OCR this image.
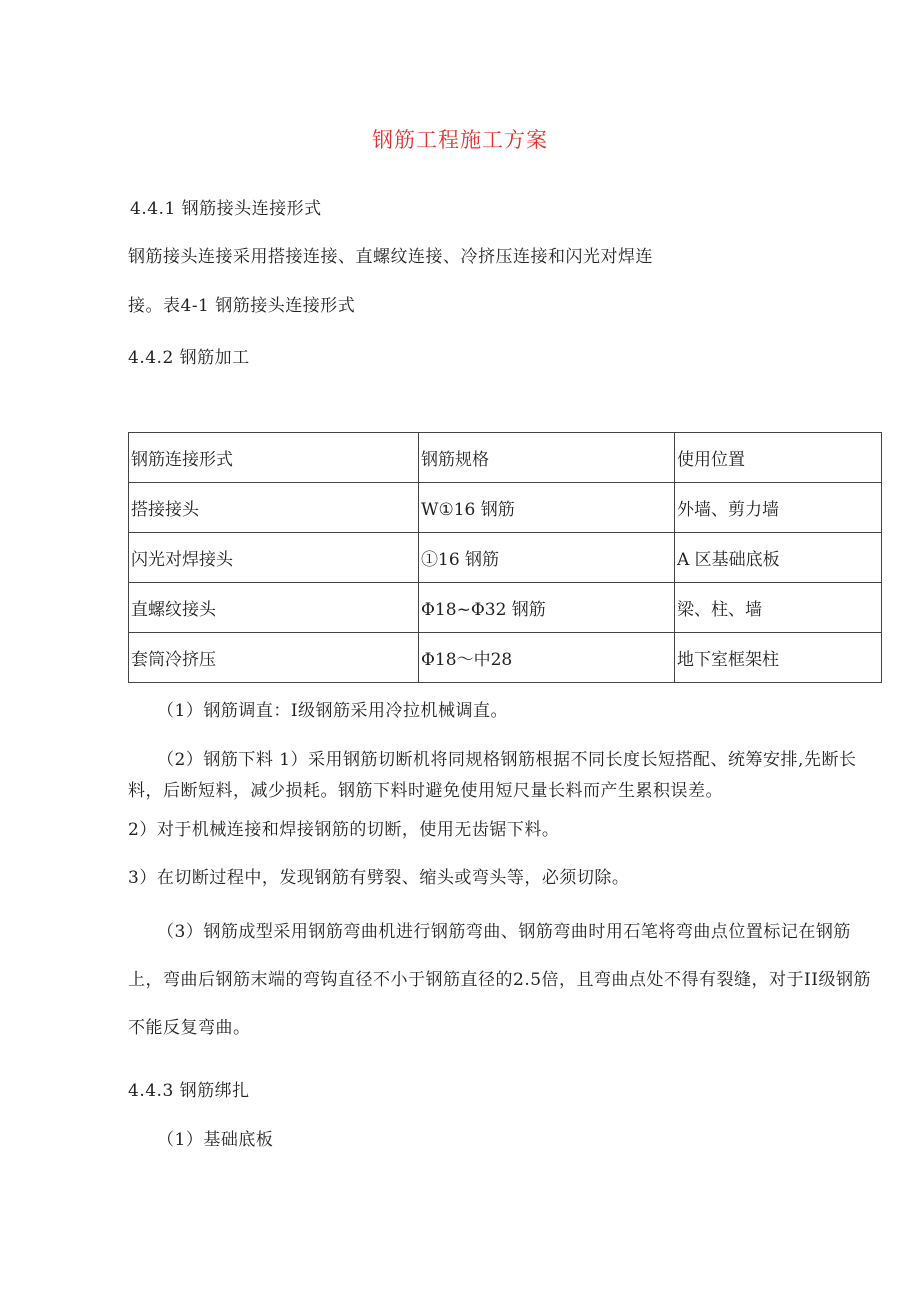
钢筋工程施工方案
4.4.1 钢筋接头连接形式
钢筋接头连接采用搭接连接、直螺纹连接、冷挤压连接和闪光对焊连
接。表4-1 钢筋接头连接形式
4.4.2 钢筋加工
钢筋连接形式	钢筋规格	使用位置
搭接接头	W①16 钢筋	外墙、剪力墙
闪光对焊接头	①16 钢筋	A 区基础底板
直螺纹接头	Φ18~Φ32 钢筋	梁、柱、墙
套筒冷挤压	Φ18～中28	地下室框架柱
（1）钢筋调直：I级钢筋采用冷拉机械调直。
（2）钢筋下料 1）采用钢筋切断机将同规格钢筋根据不同长度长短搭配、统筹安排,先断长料，后断短料，减少损耗。钢筋下料时避免使用短尺量长料而产生累积误差。
2）对于机械连接和焊接钢筋的切断，使用无齿锯下料。
3）在切断过程中，发现钢筋有劈裂、缩头或弯头等，必须切除。
（3）钢筋成型采用钢筋弯曲机进行钢筋弯曲、钢筋弯曲时用石笔将弯曲点位置标记在钢筋上，弯曲后钢筋末端的弯钩直径不小于钢筋直径的2.5倍，且弯曲点处不得有裂缝，对于II级钢筋不能反复弯曲。
4.4.3 钢筋绑扎
（1）基础底板
